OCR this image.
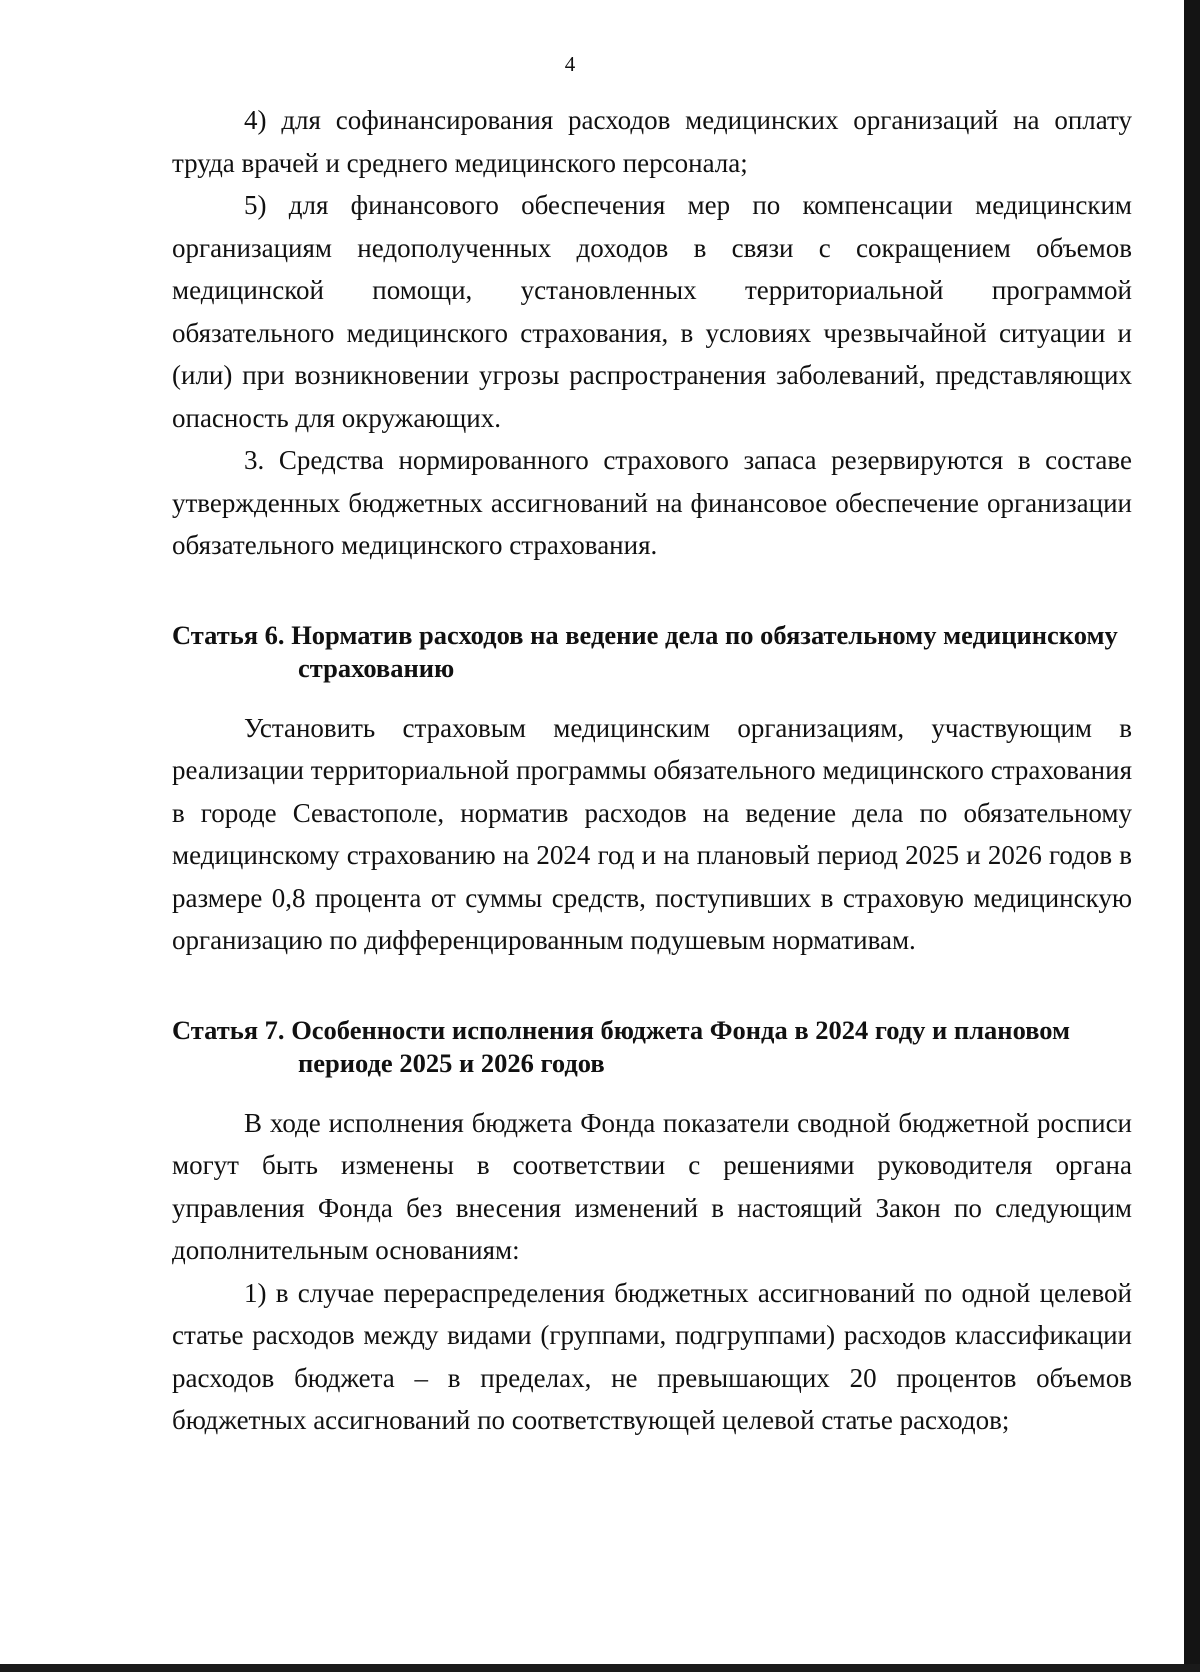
4

4) для софинансирования расходов медицинских организаций на оплату труда врачей и среднего медицинского персонала;

5) для финансового обеспечения мер по компенсации медицинским организациям недополученных доходов в связи с сокращением объемов медицинской помощи, установленных территориальной программой обязательного медицинского страхования, в условиях чрезвычайной ситуации и (или) при возникновении угрозы распространения заболеваний, представляющих опасность для окружающих.

3. Средства нормированного страхового запаса резервируются в составе утвержденных бюджетных ассигнований на финансовое обеспечение организации обязательного медицинского страхования.

Статья 6. Норматив расходов на ведение дела по обязательному медицинскому страхованию

Установить страховым медицинским организациям, участвующим в реализации территориальной программы обязательного медицинского страхования в городе Севастополе, норматив расходов на ведение дела по обязательному медицинскому страхованию на 2024 год и на плановый период 2025 и 2026 годов в размере 0,8 процента от суммы средств, поступивших в страховую медицинскую организацию по дифференцированным подушевым нормативам.

Статья 7. Особенности исполнения бюджета Фонда в 2024 году и плановом периоде 2025 и 2026 годов

В ходе исполнения бюджета Фонда показатели сводной бюджетной росписи могут быть изменены в соответствии с решениями руководителя органа управления Фонда без внесения изменений в настоящий Закон по следующим дополнительным основаниям:

1) в случае перераспределения бюджетных ассигнований по одной целевой статье расходов между видами (группами, подгруппами) расходов классификации расходов бюджета – в пределах, не превышающих 20 процентов объемов бюджетных ассигнований по соответствующей целевой статье расходов;
